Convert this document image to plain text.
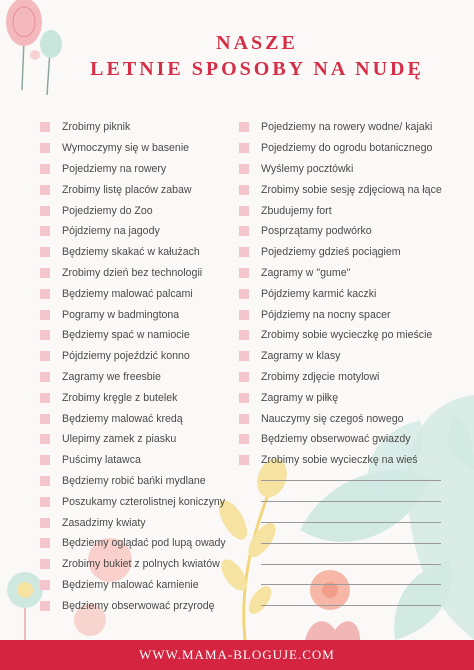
NASZE
LETNIE SPOSOBY NA NUDĘ
Zrobimy piknik
Wymoczymy się w basenie
Pojedziemy na rowery
Zrobimy listę placów zabaw
Pojedziemy do Zoo
Pójdziemy na jagody
Będziemy skakać w kałużach
Zrobimy dzień bez technologii
Będziemy malować palcami
Pogramy w badmingtona
Będziemy spać w namiocie
Pójdziemy pojeździć konno
Zagramy we freesbie
Zrobimy kręgle z butelek
Będziemy malować kredą
Ulepimy zamek z piasku
Puścimy latawca
Będziemy robić bańki mydlane
Poszukamy czterolistnej koniczyny
Zasadzimy kwiaty
Będziemy oglądać pod lupą owady
Zrobimy bukiet z polnych kwiatów
Będziemy malować kamienie
Będziemy obserwować przyrodę
Pojedziemy na rowery wodne/ kajaki
Pojedziemy do ogrodu botanicznego
Wyślemy pocztówki
Zrobimy sobie sesję zdjęciową na łące
Zbudujemy fort
Posprzątamy podwórko
Pojedziemy gdzieś pociągiem
Zagramy w "gume"
Pójdziemy karmić kaczki
Pójdziemy na nocny spacer
Zrobimy sobie wycieczkę po mieście
Zagramy w klasy
Zrobimy zdjęcie motylowi
Zagramy w piłkę
Nauczymy się czegoś nowego
Będziemy obserwować gwiazdy
Zrobimy sobie wycieczkę na wieś
WWW.MAMA-BLOGUJE.COM
